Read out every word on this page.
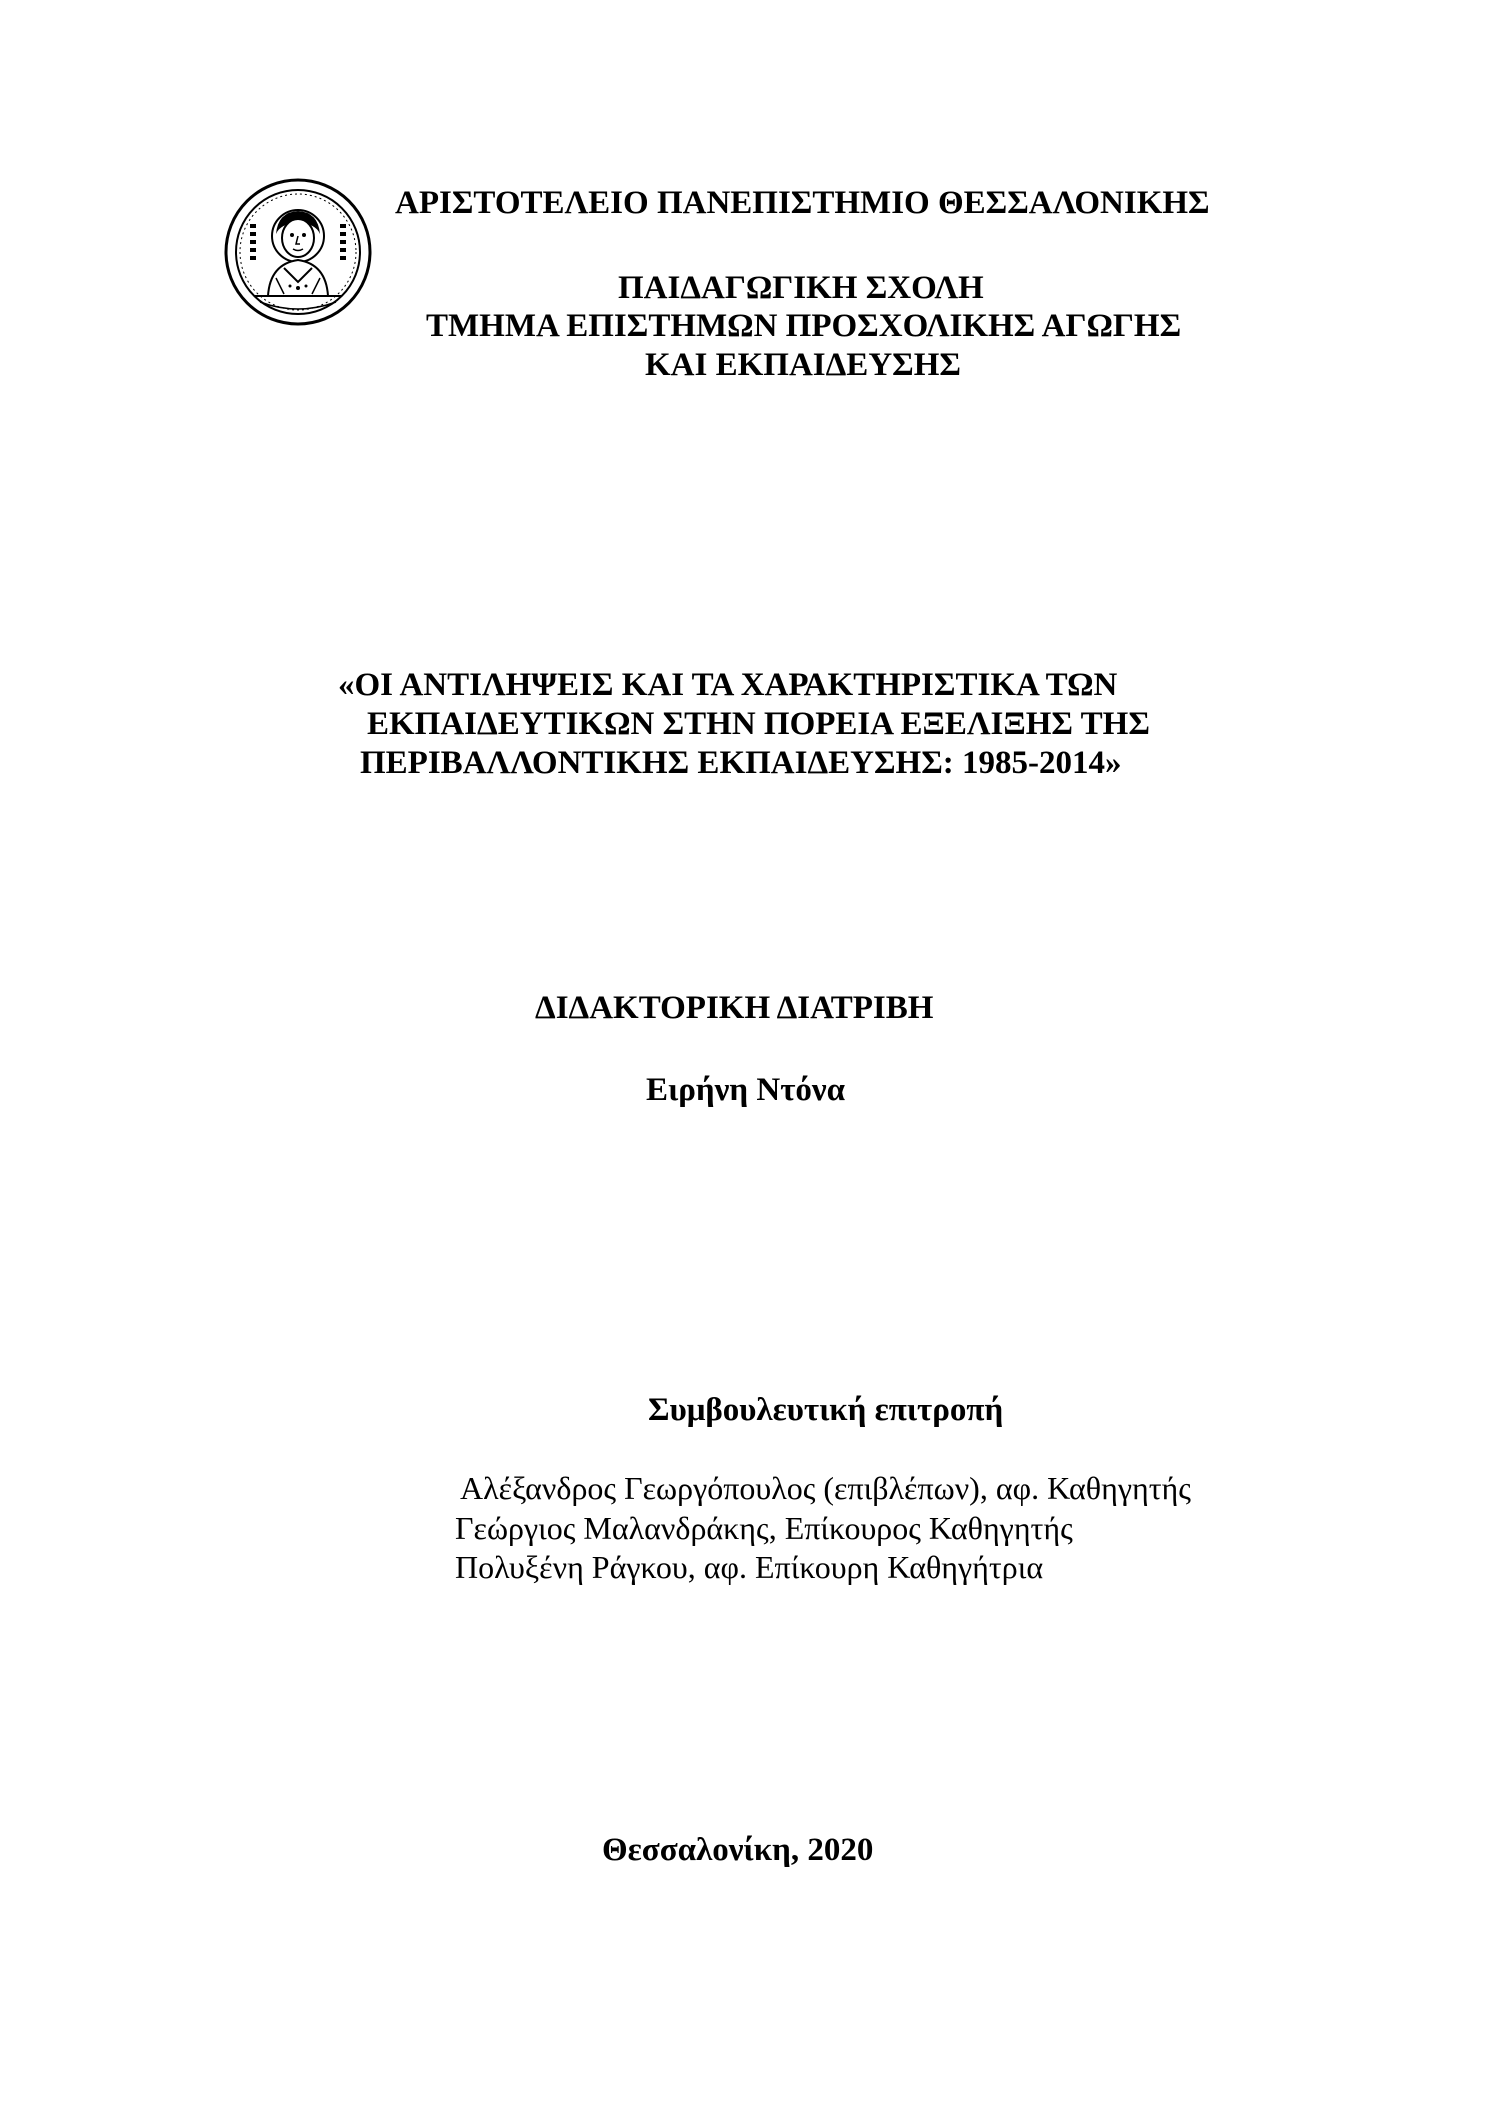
ΑΡΙΣΤΟΤΕΛΕΙΟ ΠΑΝΕΠΙΣΤΗΜΙΟ ΘΕΣΣΑΛΟΝΙΚΗΣ
ΠΑΙΔΑΓΩΓΙΚΗ ΣΧΟΛΗ
ΤΜΗΜΑ ΕΠΙΣΤΗΜΩΝ ΠΡΟΣΧΟΛΙΚΗΣ ΑΓΩΓΗΣ
ΚΑΙ ΕΚΠΑΙΔΕΥΣΗΣ
«ΟΙ ΑΝΤΙΛΗΨΕΙΣ ΚΑΙ ΤΑ ΧΑΡΑΚΤΗΡΙΣΤΙΚΑ ΤΩΝ
ΕΚΠΑΙΔΕΥΤΙΚΩΝ ΣΤΗΝ ΠΟΡΕΙΑ ΕΞΕΛΙΞΗΣ ΤΗΣ
ΠΕΡΙΒΑΛΛΟΝΤΙΚΗΣ ΕΚΠΑΙΔΕΥΣΗΣ: 1985-2014»
ΔΙΔΑΚΤΟΡΙΚΗ ΔΙΑΤΡΙΒΗ
Ειρήνη Ντόνα
Συμβουλευτική επιτροπή
Αλέξανδρος Γεωργόπουλος (επιβλέπων), αφ. Καθηγητής
Γεώργιος Μαλανδράκης, Επίκουρος Καθηγητής
Πολυξένη Ράγκου, αφ. Επίκουρη Καθηγήτρια
Θεσσαλονίκη, 2020
